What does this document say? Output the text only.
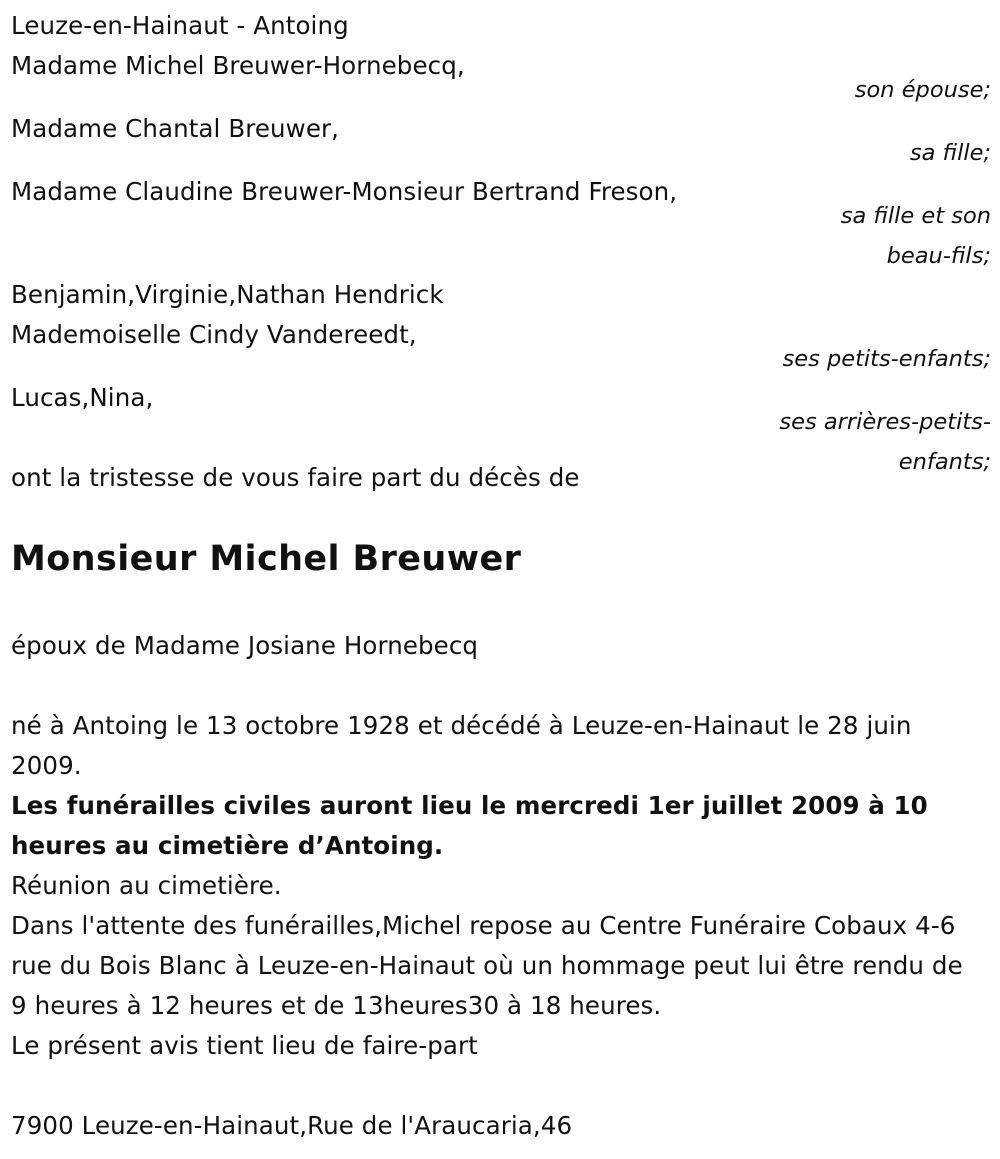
Leuze-en-Hainaut - Antoing
Madame Michel Breuwer-Hornebecq,
son épouse;
Madame Chantal Breuwer,
sa fille;
Madame Claudine Breuwer-Monsieur Bertrand Freson,
sa fille et son
beau-fils;
Benjamin,Virginie,Nathan Hendrick
Mademoiselle Cindy Vandereedt,
ses petits-enfants;
Lucas,Nina,
ses arrières-petits-
enfants;
ont la tristesse de vous faire part du décès de
Monsieur Michel Breuwer
époux de Madame Josiane Hornebecq
né à Antoing le 13 octobre 1928 et décédé à Leuze-en-Hainaut le 28 juin 2009.
Les funérailles civiles auront lieu le mercredi 1er juillet 2009 à 10 heures au cimetière d’Antoing.
Réunion au cimetière.
Dans l'attente des funérailles,Michel repose au Centre Funéraire Cobaux 4-6 rue du Bois Blanc à Leuze-en-Hainaut où un hommage peut lui être rendu de 9 heures à 12 heures et de 13heures30 à 18 heures.
Le présent avis tient lieu de faire-part
7900 Leuze-en-Hainaut,Rue de l'Araucaria,46
